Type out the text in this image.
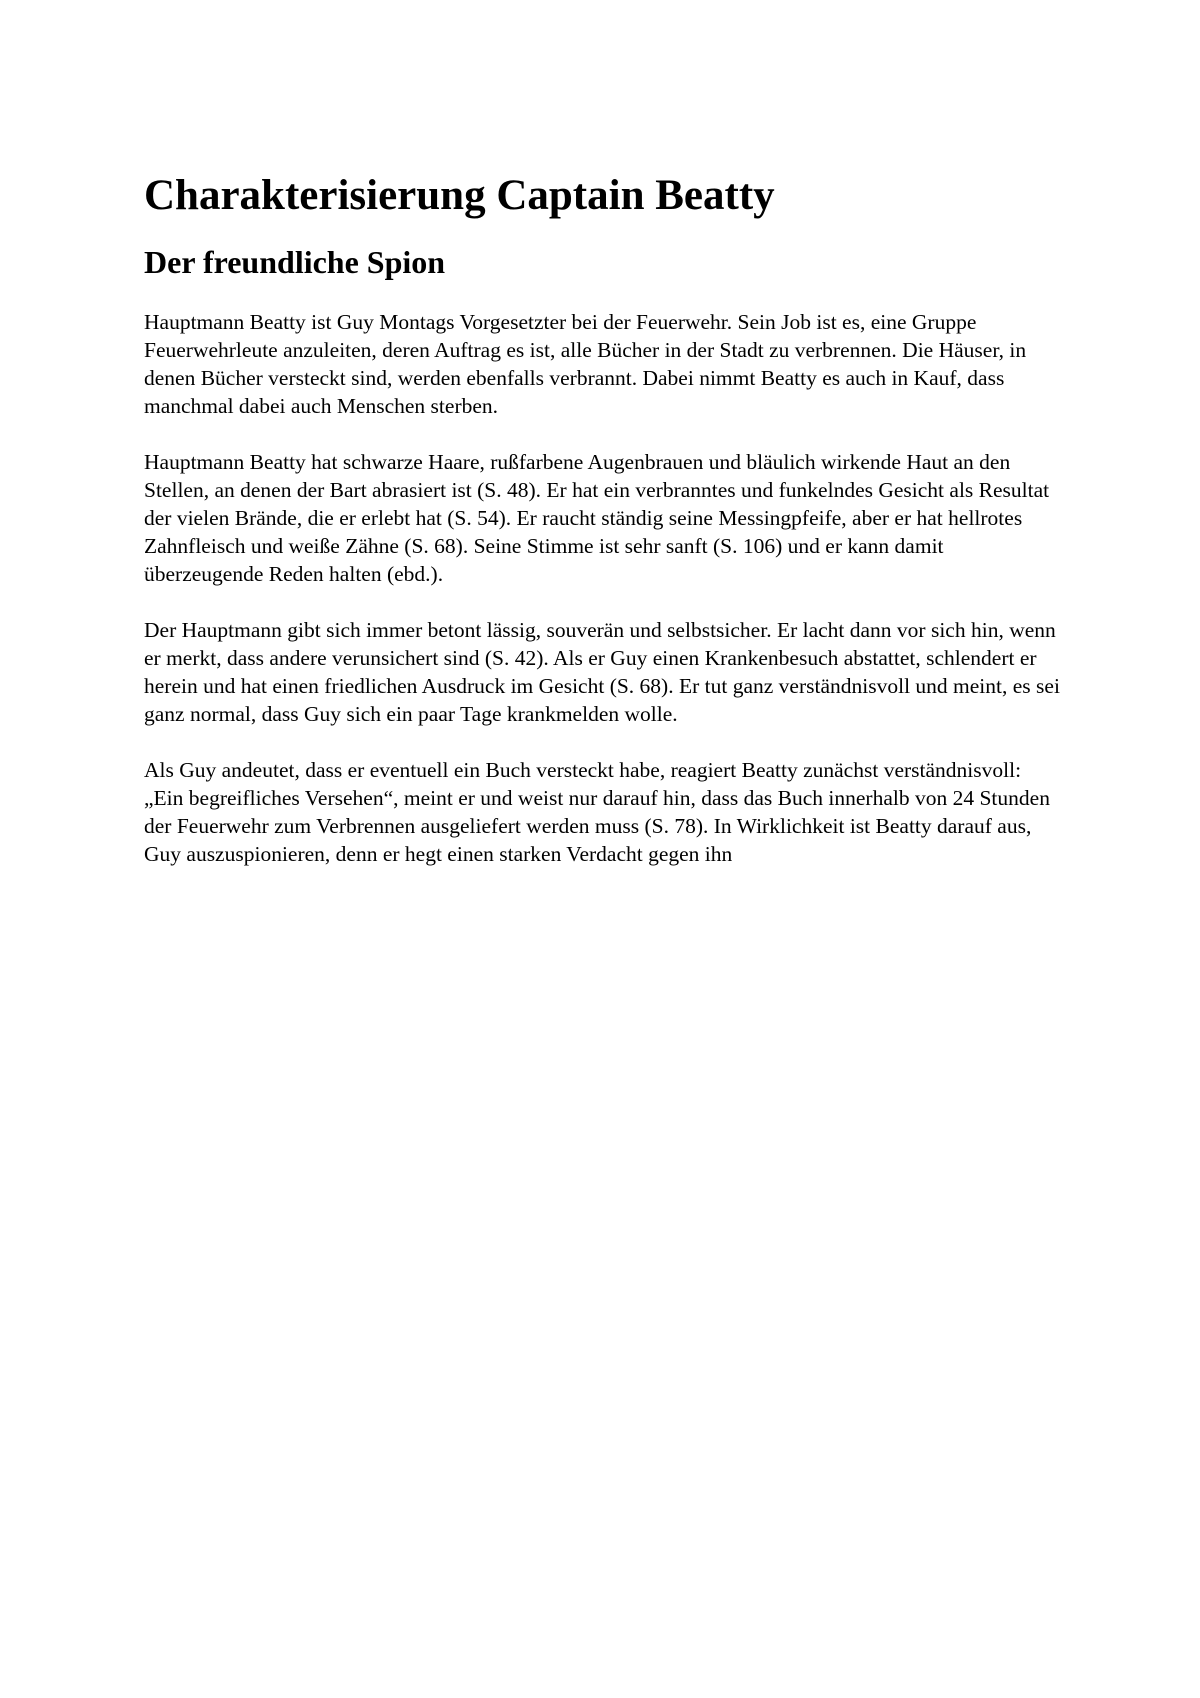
Charakterisierung Captain Beatty
Der freundliche Spion

Hauptmann Beatty ist Guy Montags Vorgesetzter bei der Feuerwehr. Sein Job ist es, eine Gruppe Feuerwehrleute anzuleiten, deren Auftrag es ist, alle Bücher in der Stadt zu verbrennen. Die Häuser, in denen Bücher versteckt sind, werden ebenfalls verbrannt. Dabei nimmt Beatty es auch in Kauf, dass manchmal dabei auch Menschen sterben.

Hauptmann Beatty hat schwarze Haare, rußfarbene Augenbrauen und bläulich wirkende Haut an den Stellen, an denen der Bart abrasiert ist (S. 48). Er hat ein verbranntes und funkelndes Gesicht als Resultat der vielen Brände, die er erlebt hat (S. 54). Er raucht ständig seine Messingpfeife, aber er hat hellrotes Zahnfleisch und weiße Zähne (S. 68). Seine Stimme ist sehr sanft (S. 106) und er kann damit überzeugende Reden halten (ebd.).

Der Hauptmann gibt sich immer betont lässig, souverän und selbstsicher. Er lacht dann vor sich hin, wenn er merkt, dass andere verunsichert sind (S. 42). Als er Guy einen Krankenbesuch abstattet, schlendert er herein und hat einen friedlichen Ausdruck im Gesicht (S. 68). Er tut ganz verständnisvoll und meint, es sei ganz normal, dass Guy sich ein paar Tage krankmelden wolle.

Als Guy andeutet, dass er eventuell ein Buch versteckt habe, reagiert Beatty zunächst verständnisvoll: „Ein begreifliches Versehen“, meint er und weist nur darauf hin, dass das Buch innerhalb von 24 Stunden der Feuerwehr zum Verbrennen ausgeliefert werden muss (S. 78). In Wirklichkeit ist Beatty darauf aus, Guy auszuspionieren, denn er hegt einen starken Verdacht gegen ihn
